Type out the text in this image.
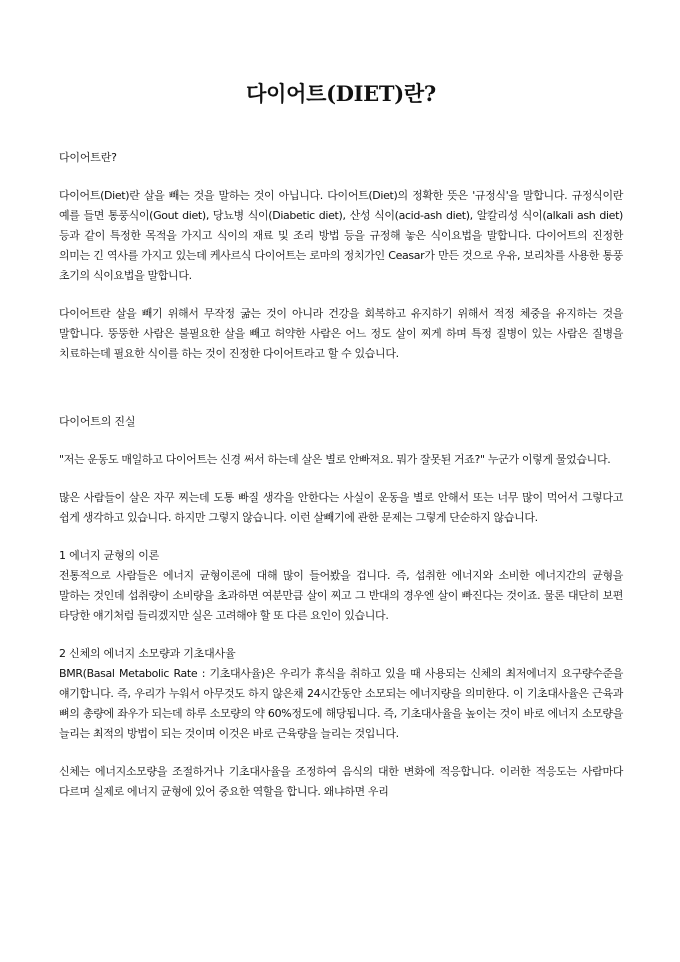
다이어트(DIET)란?

다이어트란?

다이어트(Diet)란 살을 빼는 것을 말하는 것이 아닙니다. 다이어트(Diet)의 정확한 뜻은 '규정식'을 말합니다. 규정식이란 예를 들면 통풍식이(Gout diet), 당뇨병 식이(Diabetic diet), 산성 식이(acid-ash diet), 알칼리성 식이(alkali ash diet)등과 같이 특정한 목적을 가지고 식이의 재료 및 조리 방법 등을 규정해 놓은 식이요법을 말합니다. 다이어트의 진정한 의미는 긴 역사를 가지고 있는데 케사르식 다이어트는 로마의 정치가인 Ceasar가 만든 것으로 우유, 보리차를 사용한 통풍 초기의 식이요법을 말합니다.

다이어트란 살을 빼기 위해서 무작정 굶는 것이 아니라 건강을 회복하고 유지하기 위해서 적정 체중을 유지하는 것을 말합니다. 뚱뚱한 사람은 불필요한 살을 빼고 허약한 사람은 어느 정도 살이 찌게 하며 특정 질병이 있는 사람은 질병을 치료하는데 필요한 식이를 하는 것이 진정한 다이어트라고 할 수 있습니다.

다이어트의 진실

"저는 운동도 매일하고 다이어트는 신경 써서 하는데 살은 별로 안빠져요. 뭐가 잘못된 거죠?" 누군가 이렇게 물었습니다.

많은 사람들이 살은 자꾸 찌는데 도통 빠질 생각을 안한다는 사실이 운동을 별로 안해서 또는 너무 많이 먹어서 그렇다고 쉽게 생각하고 있습니다. 하지만 그렇지 않습니다. 이런 살빼기에 관한 문제는 그렇게 단순하지 않습니다.

1 에너지 균형의 이론

전통적으로 사람들은 에너지 균형이론에 대해 많이 들어봤을 겁니다. 즉, 섭취한 에너지와 소비한 에너지간의 균형을 말하는 것인데 섭취량이 소비량을 초과하면 여분만큼 살이 찌고 그 반대의 경우엔 살이 빠진다는 것이죠. 물론 대단히 보편 타당한 얘기처럼 들리겠지만 실은 고려해야 할 또 다른 요인이 있습니다.

2 신체의 에너지 소모량과 기초대사율

BMR(Basal Metabolic Rate : 기초대사율)은 우리가 휴식을 취하고 있을 때 사용되는 신체의 최저에너지 요구량수준을 얘기합니다. 즉, 우리가 누워서 아무것도 하지 않은채 24시간동안 소모되는 에너지량을 의미한다. 이 기초대사율은 근육과 뼈의 총량에 좌우가 되는데 하루 소모량의 약 60%정도에 해당됩니다. 즉, 기초대사율을 높이는 것이 바로 에너지 소모량을 늘리는 최적의 방법이 되는 것이며 이것은 바로 근육량을 늘리는 것입니다.

신체는 에너지소모량을 조절하거나 기초대사율을 조정하여 음식의 대한 변화에 적응합니다. 이러한 적응도는 사람마다 다르며 실제로 에너지 균형에 있어 중요한 역할을 합니다. 왜냐하면 우리
